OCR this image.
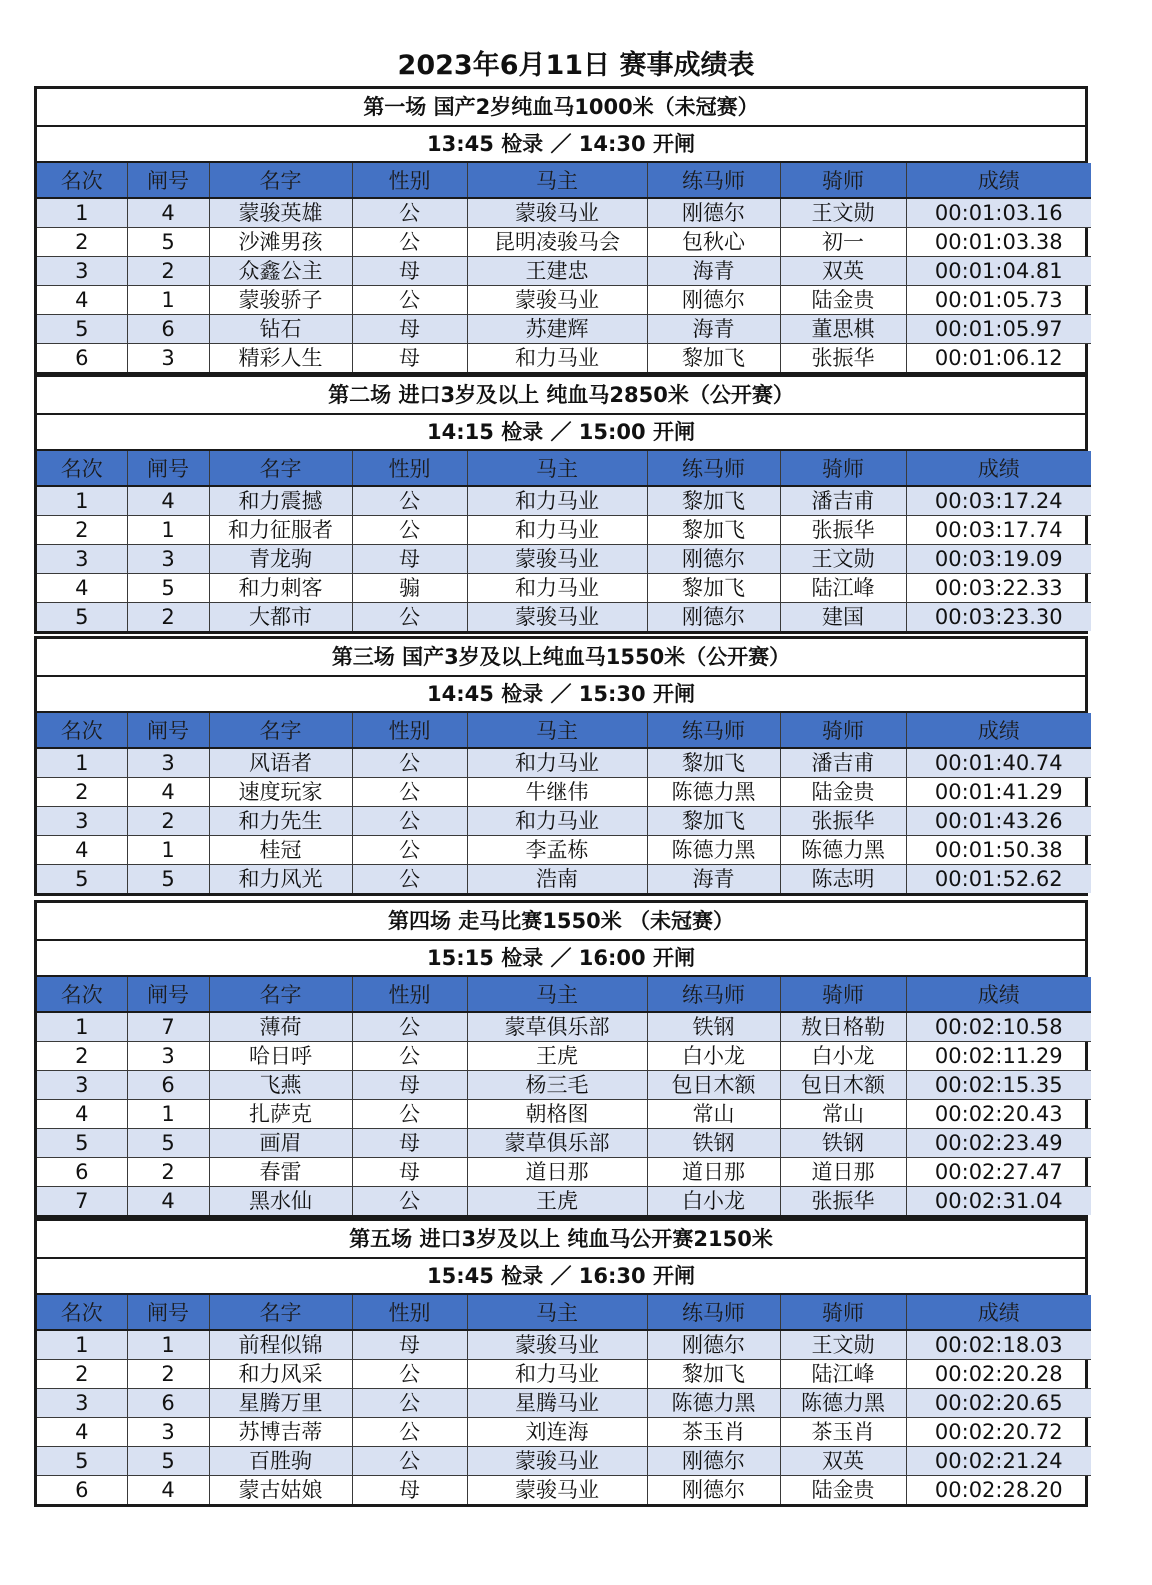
2023年6月11日 赛事成绩表
第一场 国产2岁纯血马1000米（未冠赛）
13:45 检录 ／ 14:30 开闸
名次	闸号	名字	性别	马主	练马师	骑师	成绩
1	4	蒙骏英雄	公	蒙骏马业	刚德尔	王文勋	00:01:03.16
2	5	沙滩男孩	公	昆明凌骏马会	包秋心	初一	00:01:03.38
3	2	众鑫公主	母	王建忠	海青	双英	00:01:04.81
4	1	蒙骏骄子	公	蒙骏马业	刚德尔	陆金贵	00:01:05.73
5	6	钻石	母	苏建辉	海青	董思棋	00:01:05.97
6	3	精彩人生	母	和力马业	黎加飞	张振华	00:01:06.12
第二场 进口3岁及以上 纯血马2850米（公开赛）
14:15 检录 ／ 15:00 开闸
名次	闸号	名字	性别	马主	练马师	骑师	成绩
1	4	和力震撼	公	和力马业	黎加飞	潘吉甫	00:03:17.24
2	1	和力征服者	公	和力马业	黎加飞	张振华	00:03:17.74
3	3	青龙驹	母	蒙骏马业	刚德尔	王文勋	00:03:19.09
4	5	和力刺客	骟	和力马业	黎加飞	陆江峰	00:03:22.33
5	2	大都市	公	蒙骏马业	刚德尔	建国	00:03:23.30
第三场 国产3岁及以上纯血马1550米（公开赛）
14:45 检录 ／ 15:30 开闸
名次	闸号	名字	性别	马主	练马师	骑师	成绩
1	3	风语者	公	和力马业	黎加飞	潘吉甫	00:01:40.74
2	4	速度玩家	公	牛继伟	陈德力黑	陆金贵	00:01:41.29
3	2	和力先生	公	和力马业	黎加飞	张振华	00:01:43.26
4	1	桂冠	公	李孟栋	陈德力黑	陈德力黑	00:01:50.38
5	5	和力风光	公	浩南	海青	陈志明	00:01:52.62
第四场 走马比赛1550米 （未冠赛）
15:15 检录 ／ 16:00 开闸
名次	闸号	名字	性别	马主	练马师	骑师	成绩
1	7	薄荷	公	蒙草俱乐部	铁钢	敖日格勒	00:02:10.58
2	3	哈日呼	公	王虎	白小龙	白小龙	00:02:11.29
3	6	飞燕	母	杨三毛	包日木额	包日木额	00:02:15.35
4	1	扎萨克	公	朝格图	常山	常山	00:02:20.43
5	5	画眉	母	蒙草俱乐部	铁钢	铁钢	00:02:23.49
6	2	春雷	母	道日那	道日那	道日那	00:02:27.47
7	4	黑水仙	公	王虎	白小龙	张振华	00:02:31.04
第五场 进口3岁及以上 纯血马公开赛2150米
15:45 检录 ／ 16:30 开闸
名次	闸号	名字	性别	马主	练马师	骑师	成绩
1	1	前程似锦	母	蒙骏马业	刚德尔	王文勋	00:02:18.03
2	2	和力风采	公	和力马业	黎加飞	陆江峰	00:02:20.28
3	6	星腾万里	公	星腾马业	陈德力黑	陈德力黑	00:02:20.65
4	3	苏博吉蒂	公	刘连海	茶玉肖	茶玉肖	00:02:20.72
5	5	百胜驹	公	蒙骏马业	刚德尔	双英	00:02:21.24
6	4	蒙古姑娘	母	蒙骏马业	刚德尔	陆金贵	00:02:28.20
